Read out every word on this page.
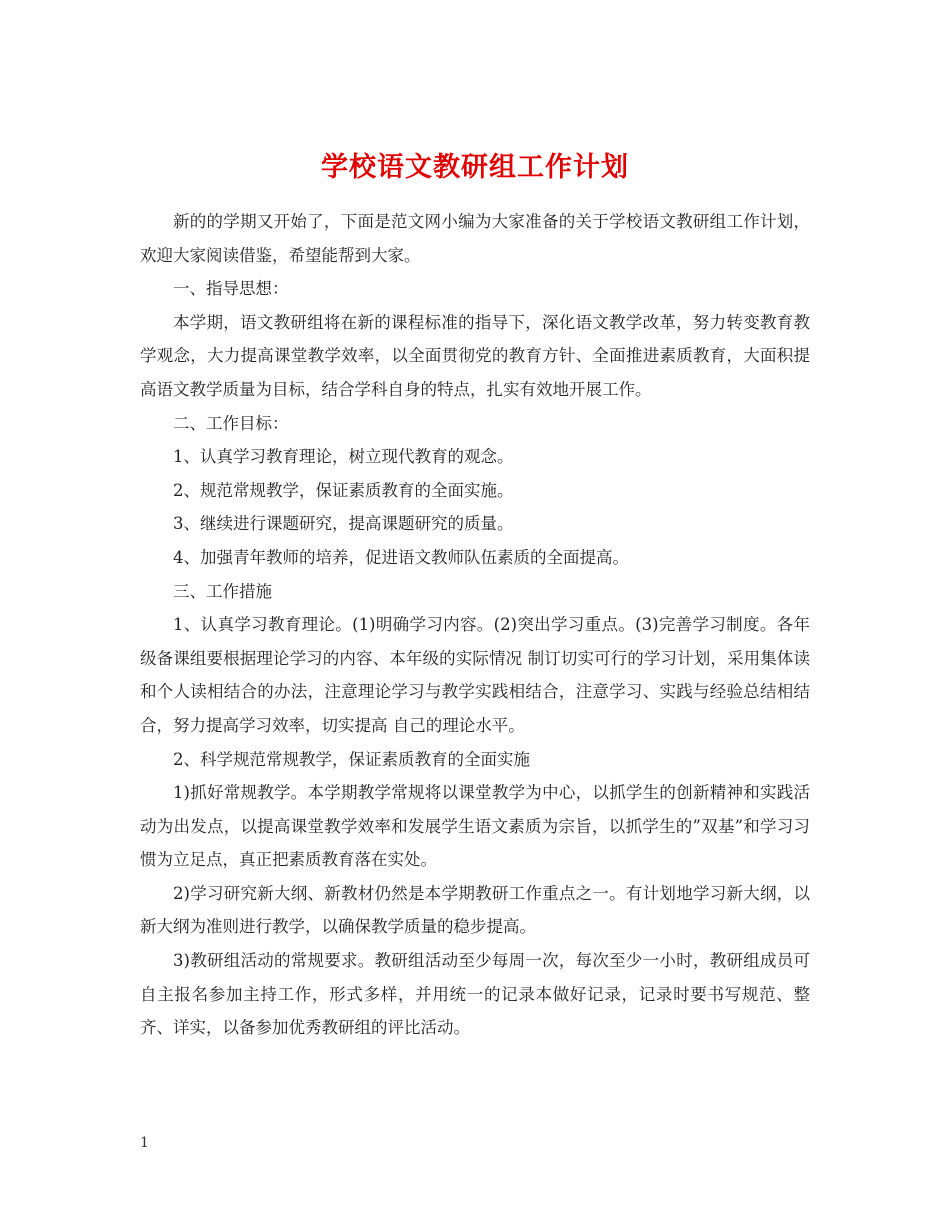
学校语文教研组工作计划

新的的学期又开始了，下面是范文网小编为大家准备的关于学校语文教研组工作计划，欢迎大家阅读借鉴，希望能帮到大家。

一、指导思想：

本学期，语文教研组将在新的课程标准的指导下，深化语文教学改革，努力转变教育教学观念，大力提高课堂教学效率，以全面贯彻党的教育方针、全面推进素质教育，大面积提高语文教学质量为目标，结合学科自身的特点，扎实有效地开展工作。

二、工作目标：

1、认真学习教育理论，树立现代教育的观念。

2、规范常规教学，保证素质教育的全面实施。

3、继续进行课题研究，提高课题研究的质量。

4、加强青年教师的培养，促进语文教师队伍素质的全面提高。

三、工作措施

1、认真学习教育理论。(1)明确学习内容。(2)突出学习重点。(3)完善学习制度。各年级备课组要根据理论学习的内容、本年级的实际情况 制订切实可行的学习计划，采用集体读和个人读相结合的办法，注意理论学习与教学实践相结合，注意学习、实践与经验总结相结合，努力提高学习效率，切实提高 自己的理论水平。

2、科学规范常规教学，保证素质教育的全面实施

1)抓好常规教学。本学期教学常规将以课堂教学为中心，以抓学生的创新精神和实践活动为出发点，以提高课堂教学效率和发展学生语文素质为宗旨，以抓学生的”双基”和学习习惯为立足点，真正把素质教育落在实处。

2)学习研究新大纲、新教材仍然是本学期教研工作重点之一。有计划地学习新大纲，以新大纲为准则进行教学，以确保教学质量的稳步提高。

3)教研组活动的常规要求。教研组活动至少每周一次，每次至少一小时，教研组成员可自主报名参加主持工作，形式多样，并用统一的记录本做好记录，记录时要书写规范、整齐、详实，以备参加优秀教研组的评比活动。

1
